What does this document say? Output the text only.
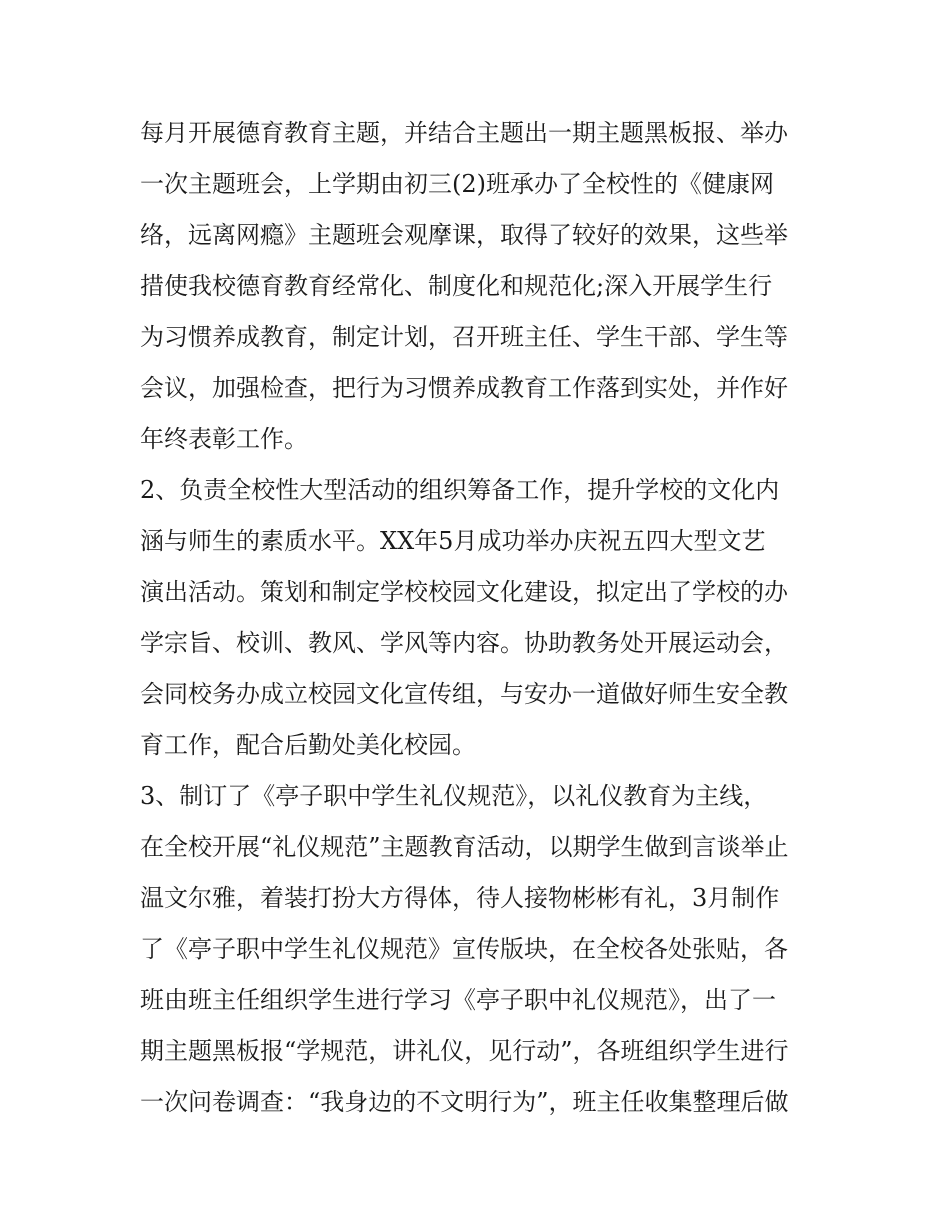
每月开展德育教育主题，并结合主题出一期主题黑板报、举办
一次主题班会，上学期由初三(2)班承办了全校性的《健康网
络，远离网瘾》主题班会观摩课，取得了较好的效果，这些举
措使我校德育教育经常化、制度化和规范化;深入开展学生行
为习惯养成教育，制定计划，召开班主任、学生干部、学生等
会议，加强检查，把行为习惯养成教育工作落到实处，并作好
年终表彰工作。
2、负责全校性大型活动的组织筹备工作，提升学校的文化内
涵与师生的素质水平。XX年5月成功举办庆祝五四大型文艺
演出活动。策划和制定学校校园文化建设，拟定出了学校的办
学宗旨、校训、教风、学风等内容。协助教务处开展运动会，
会同校务办成立校园文化宣传组，与安办一道做好师生安全教
育工作，配合后勤处美化校园。
3、制订了《亭子职中学生礼仪规范》，以礼仪教育为主线，
在全校开展“礼仪规范”主题教育活动，以期学生做到言谈举止
温文尔雅，着装打扮大方得体，待人接物彬彬有礼，3月制作
了《亭子职中学生礼仪规范》宣传版块，在全校各处张贴，各
班由班主任组织学生进行学习《亭子职中礼仪规范》，出了一
期主题黑板报“学规范，讲礼仪，见行动”，各班组织学生进行
一次问卷调查：“我身边的不文明行为”，班主任收集整理后做
